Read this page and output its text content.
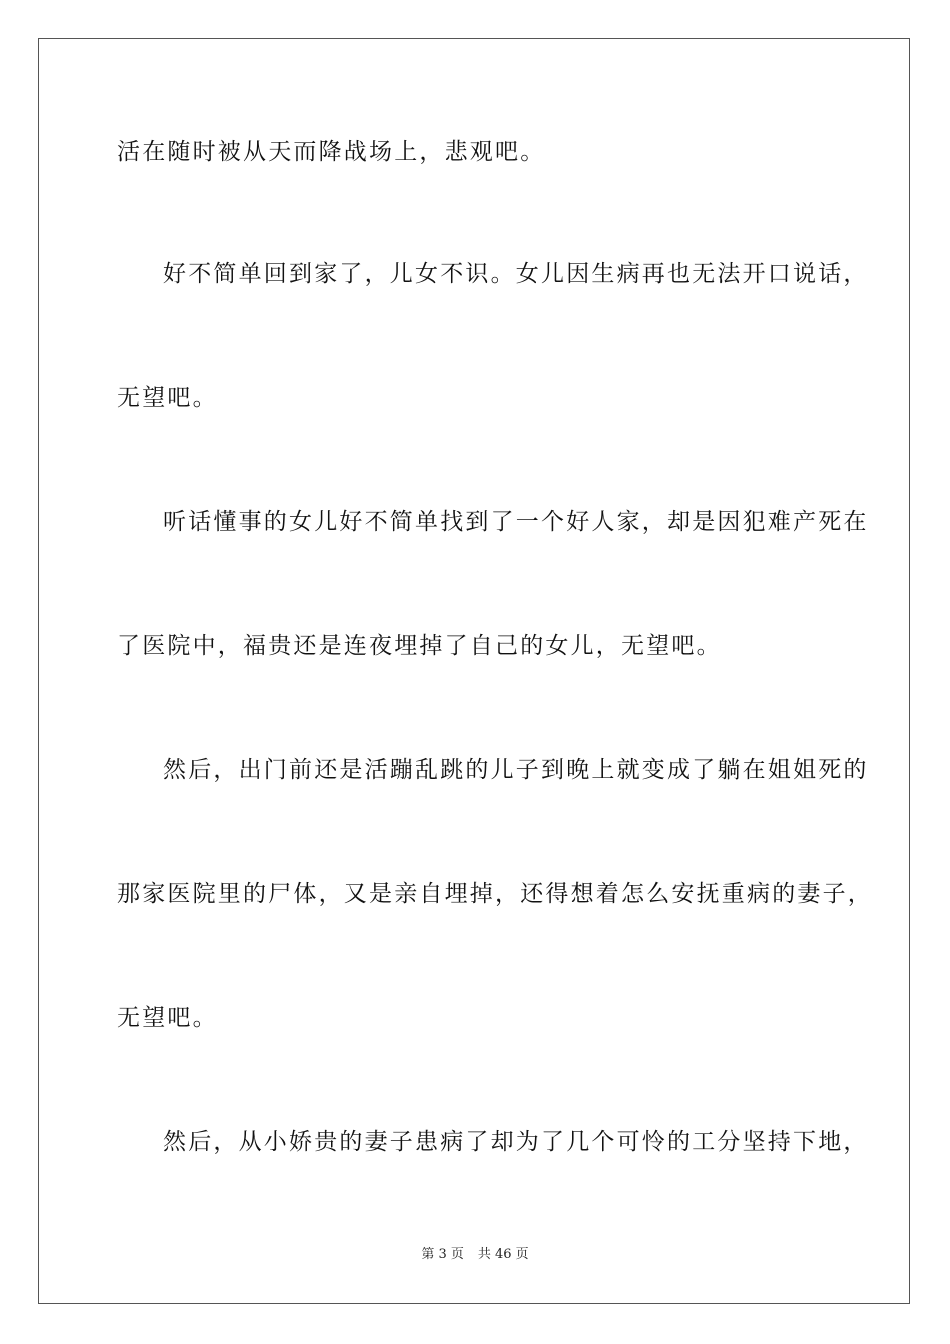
活在随时被从天而降战场上，悲观吧。
好不简单回到家了，儿女不识。女儿因生病再也无法开口说话，
无望吧。
听话懂事的女儿好不简单找到了一个好人家，却是因犯难产死在
了医院中，福贵还是连夜埋掉了自己的女儿，无望吧。
然后，出门前还是活蹦乱跳的儿子到晚上就变成了躺在姐姐死的
那家医院里的尸体，又是亲自埋掉，还得想着怎么安抚重病的妻子，
无望吧。
然后，从小娇贵的妻子患病了却为了几个可怜的工分坚持下地，
第 3 页 共 46 页
